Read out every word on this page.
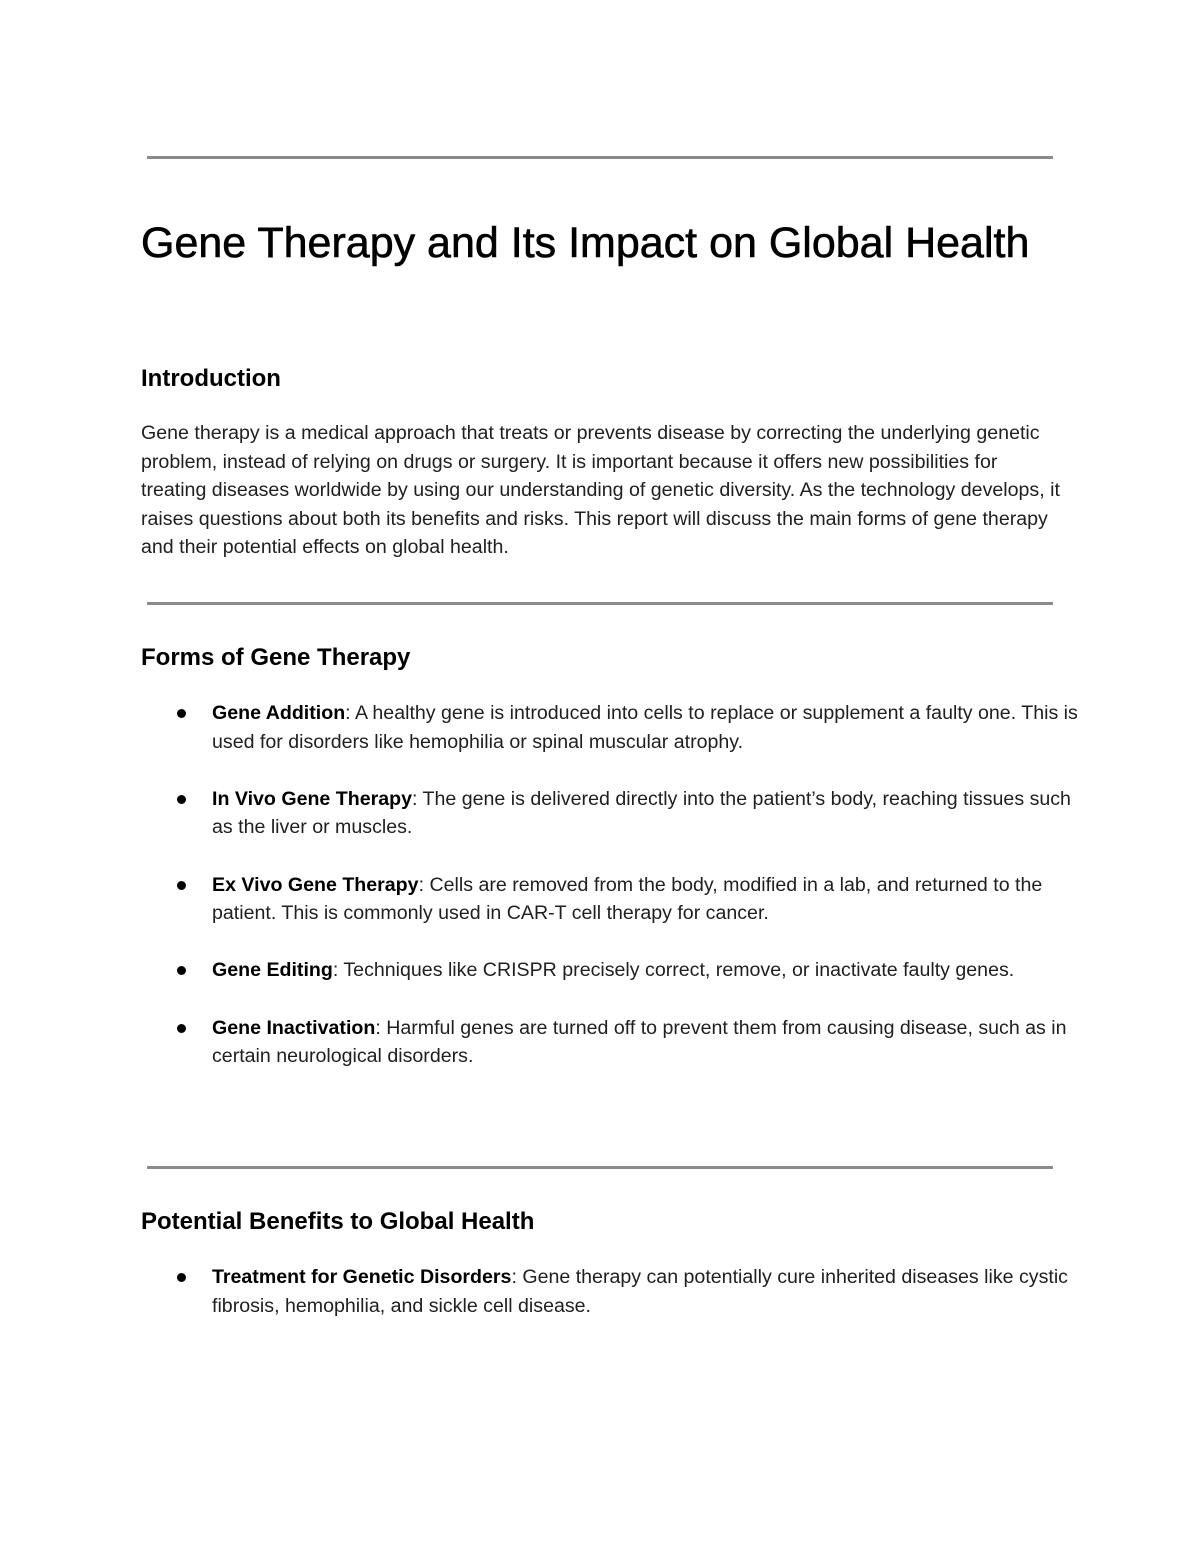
Gene Therapy and Its Impact on Global Health
Introduction

Gene therapy is a medical approach that treats or prevents disease by correcting the underlying genetic problem, instead of relying on drugs or surgery. It is important because it offers new possibilities for treating diseases worldwide by using our understanding of genetic diversity. As the technology develops, it raises questions about both its benefits and risks. This report will discuss the main forms of gene therapy and their potential effects on global health.

Forms of Gene Therapy
Gene Addition: A healthy gene is introduced into cells to replace or supplement a faulty one. This is used for disorders like hemophilia or spinal muscular atrophy.
In Vivo Gene Therapy: The gene is delivered directly into the patient’s body, reaching tissues such as the liver or muscles.
Ex Vivo Gene Therapy: Cells are removed from the body, modified in a lab, and returned to the patient. This is commonly used in CAR-T cell therapy for cancer.
Gene Editing: Techniques like CRISPR precisely correct, remove, or inactivate faulty genes.
Gene Inactivation: Harmful genes are turned off to prevent them from causing disease, such as in certain neurological disorders.
Potential Benefits to Global Health
Treatment for Genetic Disorders: Gene therapy can potentially cure inherited diseases like cystic fibrosis, hemophilia, and sickle cell disease.
